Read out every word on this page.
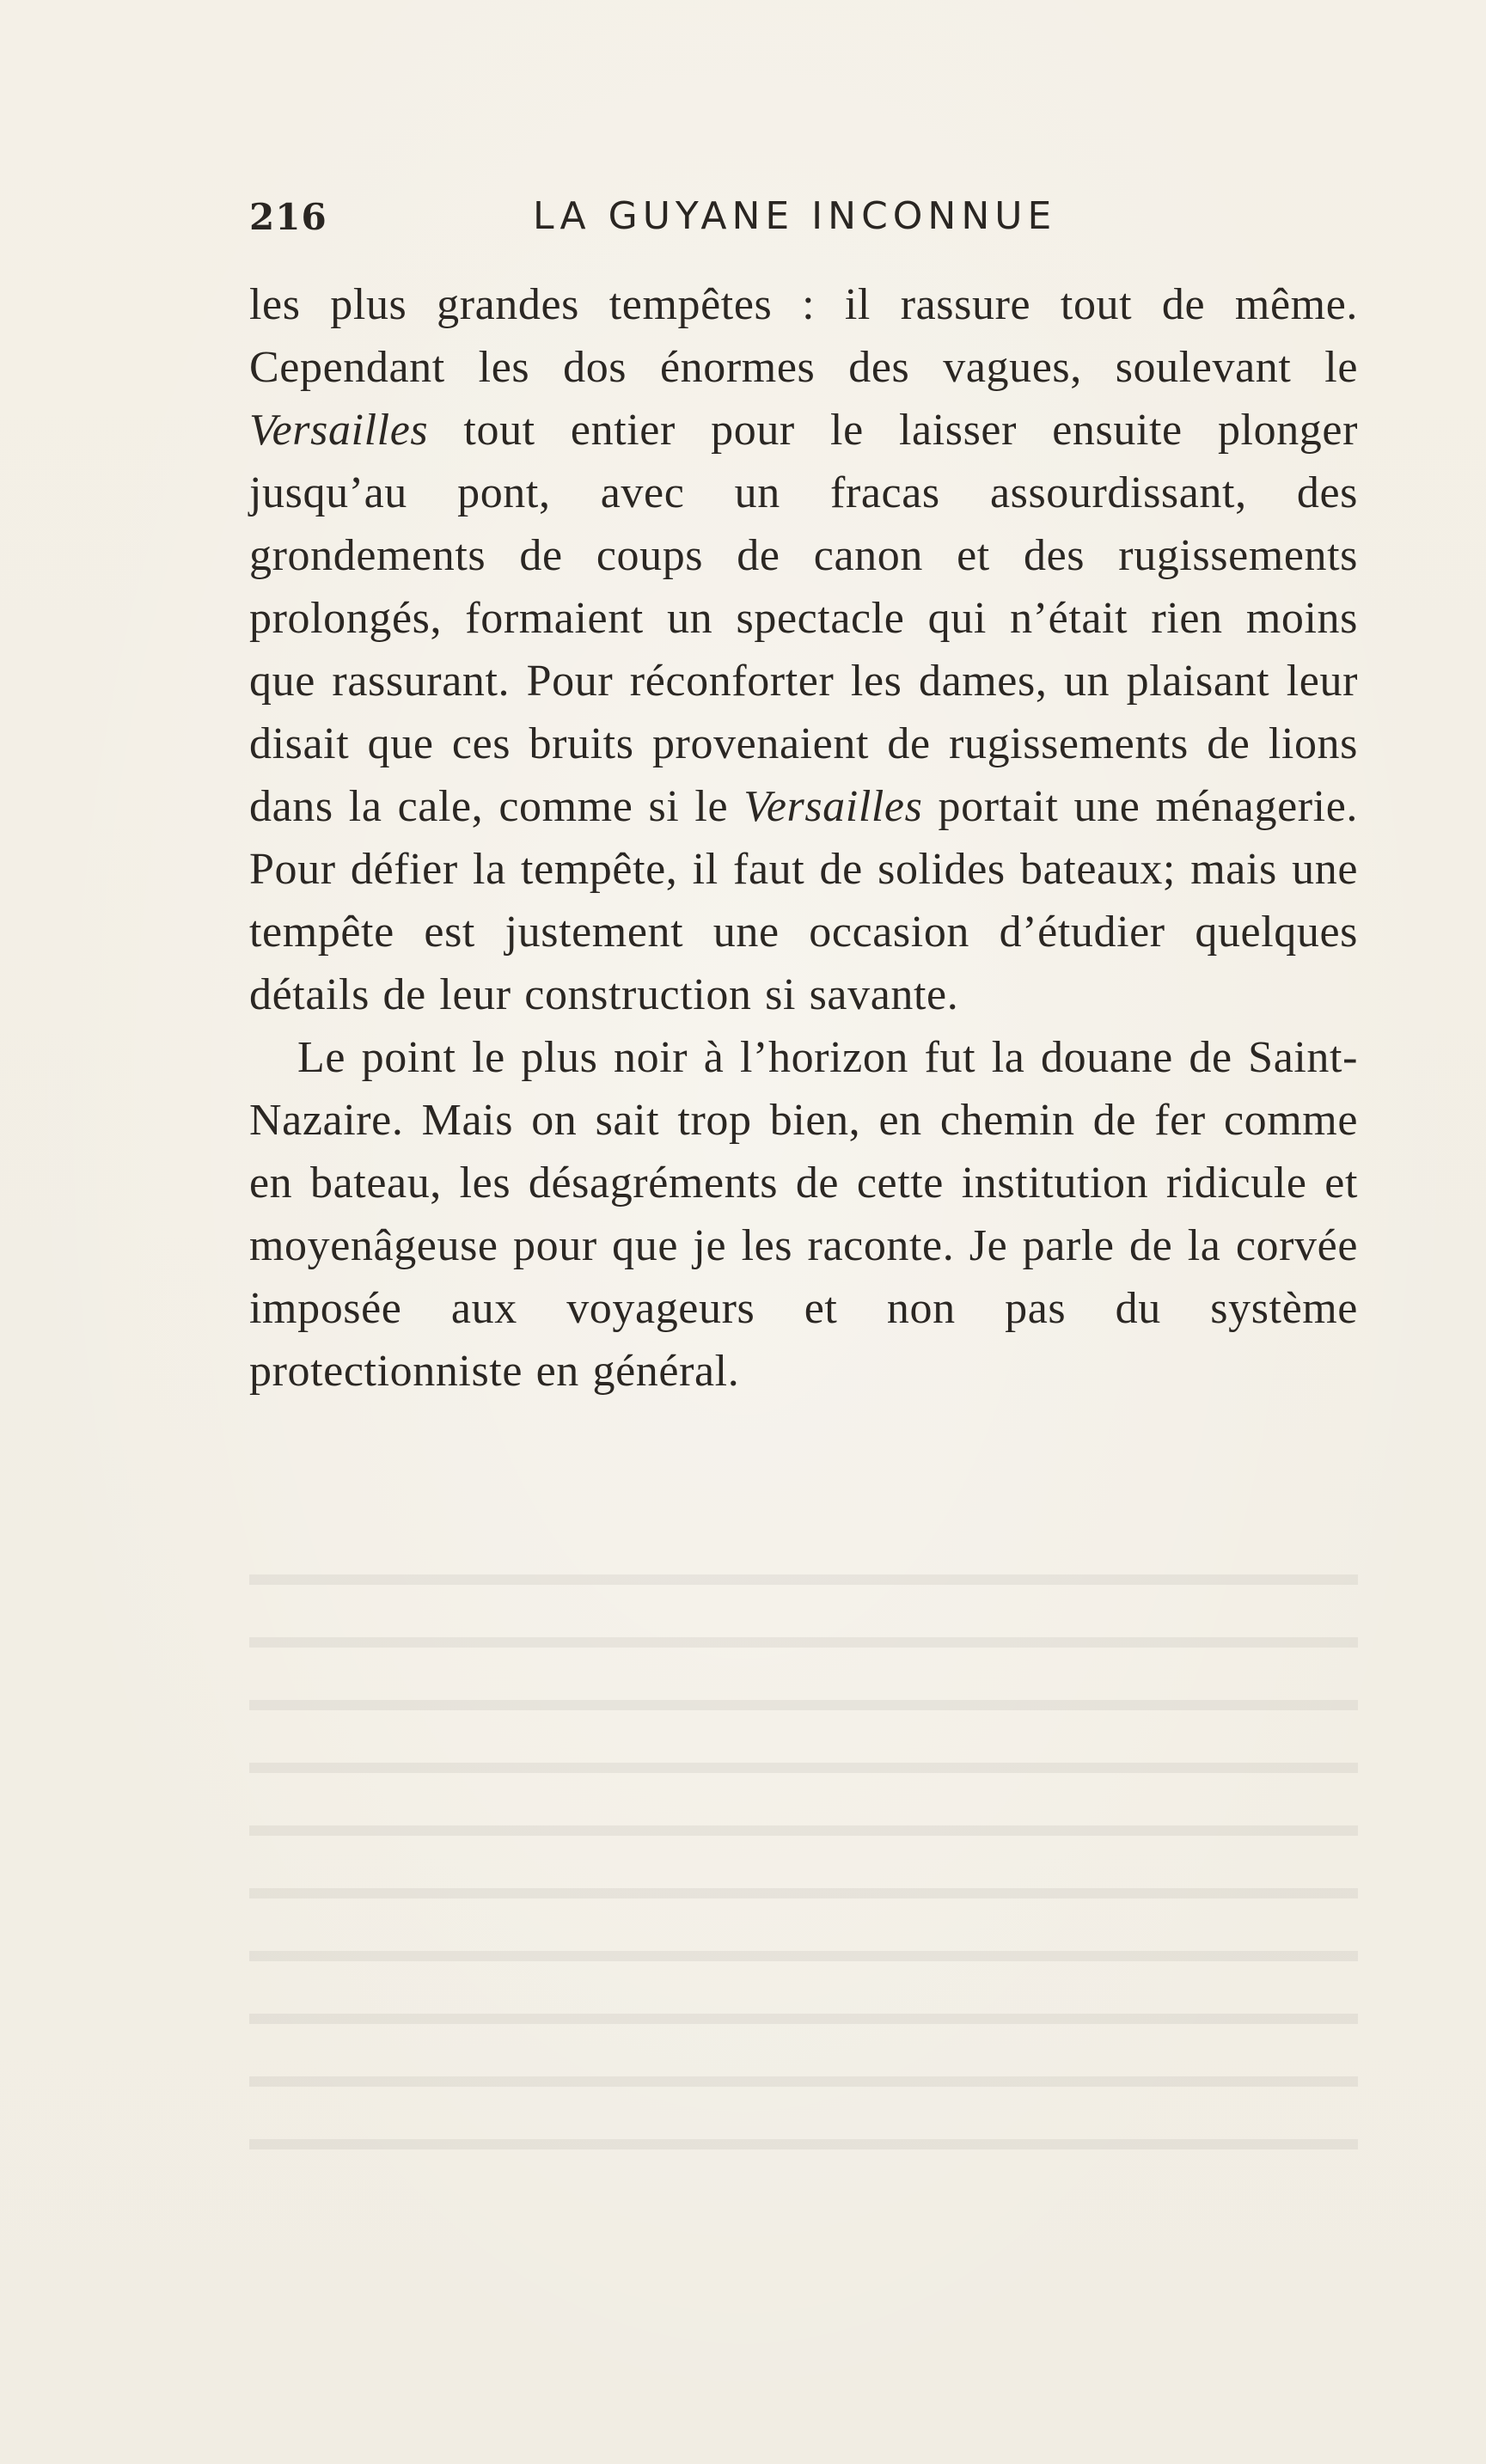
216	LA GUYANE INCONNUE

les plus grandes tempêtes : il rassure tout de même. Cependant les dos énormes des vagues, soulevant le Versailles tout entier pour le laisser ensuite plonger jusqu’au pont, avec un fracas assourdissant, des grondements de coups de canon et des rugissements prolongés, formaient un spectacle qui n’était rien moins que rassurant. Pour réconforter les dames, un plaisant leur disait que ces bruits provenaient de rugissements de lions dans la cale, comme si le Versailles portait une ménagerie. Pour défier la tempête, il faut de solides bateaux; mais une tempête est justement une occasion d’étudier quelques détails de leur construction si savante.

Le point le plus noir à l’horizon fut la douane de Saint-Nazaire. Mais on sait trop bien, en chemin de fer comme en bateau, les désagréments de cette institution ridicule et moyenâgeuse pour que je les raconte. Je parle de la corvée imposée aux voyageurs et non pas du système protectionniste en général.
